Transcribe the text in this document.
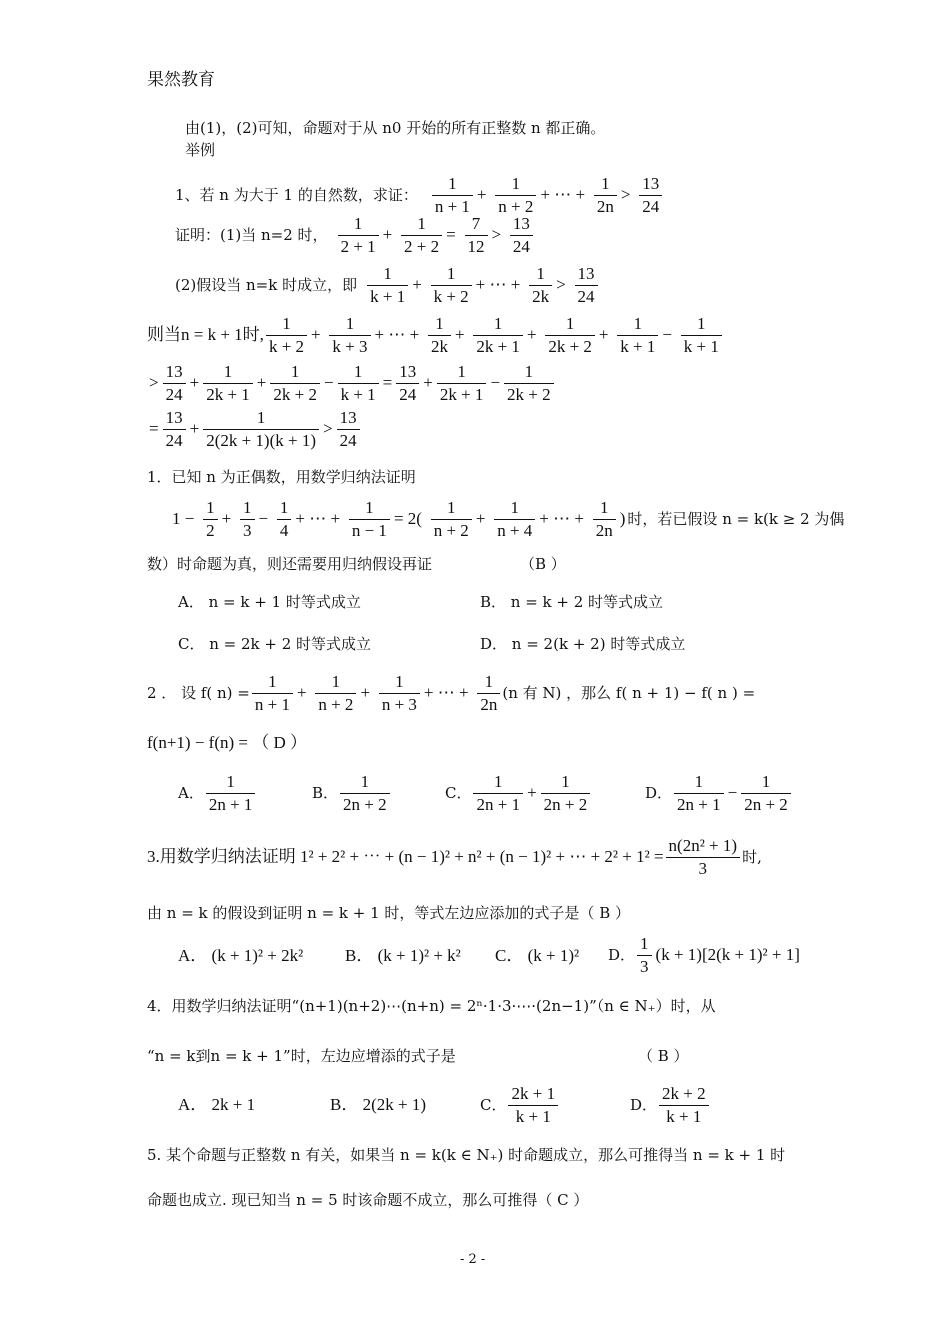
果然教育
由(1)，(2)可知，命题对于从 n0 开始的所有正整数 n 都正确。
举例
1、若 n 为大于 1 的自然数，求证： $\frac{1}{n + 1} + \frac{1}{n + 2}$ + ⋯ + $\frac{1}{2n} > \frac{13}{24}$
证明：(1)当 n=2 时， $\frac{1}{2 + 1} + \frac{1}{2 + 2} = \frac{7}{12} > \frac{13}{24}$
(2)假设当 n=k 时成立，即 $\frac{1}{k + 1} + \frac{1}{k + 2}$ + ⋯ + $\frac{1}{2k} > \frac{13}{24}$
则当n = k + 1时, $\frac{1}{k + 2} + \frac{1}{k + 3}$ + ⋯ + $\frac{1}{2k} + \frac{1}{2k + 1} + \frac{1}{2k + 2} + \frac{1}{k + 1} - \frac{1}{k + 1}$
> $\frac{13}{24} + \frac{1}{2k + 1} + \frac{1}{2k + 2} - \frac{1}{k + 1} = \frac{13}{24} + \frac{1}{2k + 1} - \frac{1}{2k + 2}$
= $\frac{13}{24} + \frac{1}{2(2k + 1)(k + 1)} > \frac{13}{24}$
1．已知 n 为正偶数，用数学归纳法证明
$1 - \frac{1}{2} + \frac{1}{3} - \frac{1}{4}$ + ⋯ + $\frac{1}{n - 1} = 2( \frac{1}{n + 2} + \frac{1}{n + 4}$ + ⋯ + $\frac{1}{2n}$ ) 时，若已假设 n = k(k ≥ 2 为偶
数）时命题为真，则还需要用归纳假设再证	（B ）
A． n = k + 1 时等式成立	B． n = k + 2 时等式成立
C． n = 2k + 2 时等式成立	D． n = 2(k + 2) 时等式成立
2 ． 设 f( $n) = \frac{1}{n + 1} + \frac{1}{n + 2} + \frac{1}{n + 3}$ + ⋯ + $\frac{1}{2n} (n$ 有 N) ，那么 f( n + 1) − f( n ) =
f(n+1) − f(n) = （ D ）
A． $\frac{1}{2n + 1}$	B． $\frac{1}{2n + 2}$	C． $\frac{1}{2n + 1} + \frac{1}{2n + 2}$	D． $\frac{1}{2n + 1} - \frac{1}{2n + 2}$
3.用数学归纳法证明 1² + 2² + ⋯ + (n − 1)² + n² + (n − 1)² + ⋯ + $2^2 + 1^2 = \frac{\text{n(2n² + 1)}}{3}$ 时,
由 n = k 的假设到证明 n = k + 1 时，等式左边应添加的式子是（ B ）
A． (k + 1)² + 2k² B． (k + 1)² + k² C． (k + 1)² D． $\frac{1}{3} (k + 1)[2(k + 1)^2 + 1]$
4．用数学归纳法证明“(n+1)(n+2)⋯(n+n) = 2ⁿ·1·3·⋯·(2n−1)”（n ∈ N₊）时，从
“n = k到n = k + 1”时，左边应增添的式子是	（ B ）
A． 2k + 1	B． 2(2k + 1)	C． $\frac{2k + 1}{k + 1}$	D． $\frac{2k + 2}{k + 1}$
5. 某个命题与正整数 n 有关，如果当 n = k(k ∈ N₊) 时命题成立，那么可推得当 n = k + 1 时
命题也成立. 现已知当 n = 5 时该命题不成立，那么可推得（ C ）
- 2 -
